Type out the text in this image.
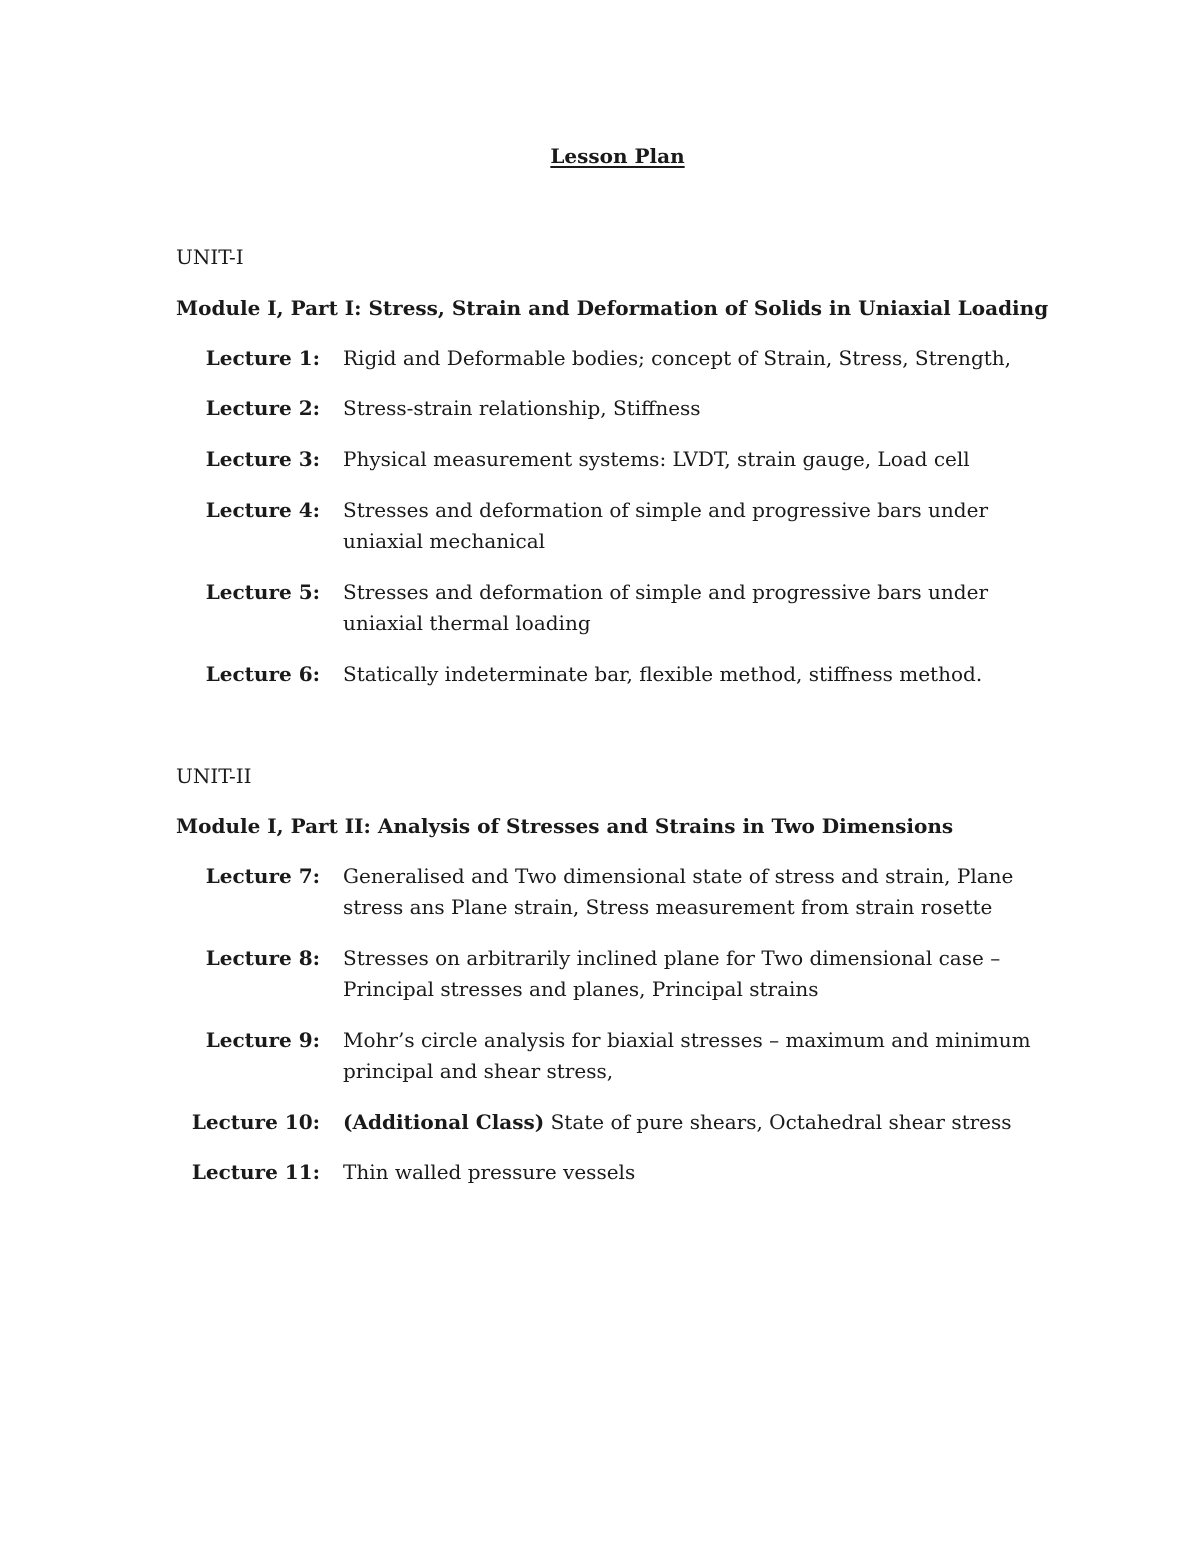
Lesson Plan
UNIT-I
Module I, Part I: Stress, Strain and Deformation of Solids in Uniaxial Loading
Lecture 1: Rigid and Deformable bodies; concept of Strain, Stress, Strength,
Lecture 2: Stress-strain relationship, Stiffness
Lecture 3: Physical measurement systems: LVDT, strain gauge, Load cell
Lecture 4: Stresses and deformation of simple and progressive bars under uniaxial mechanical
Lecture 5: Stresses and deformation of simple and progressive bars under uniaxial thermal loading
Lecture 6: Statically indeterminate bar, flexible method, stiffness method.
UNIT-II
Module I, Part II: Analysis of Stresses and Strains in Two Dimensions
Lecture 7: Generalised and Two dimensional state of stress and strain, Plane stress ans Plane strain, Stress measurement from strain rosette
Lecture 8: Stresses on arbitrarily inclined plane for Two dimensional case – Principal stresses and planes, Principal strains
Lecture 9: Mohr’s circle analysis for biaxial stresses – maximum and minimum principal and shear stress,
Lecture 10: (Additional Class) State of pure shears, Octahedral shear stress
Lecture 11: Thin walled pressure vessels
